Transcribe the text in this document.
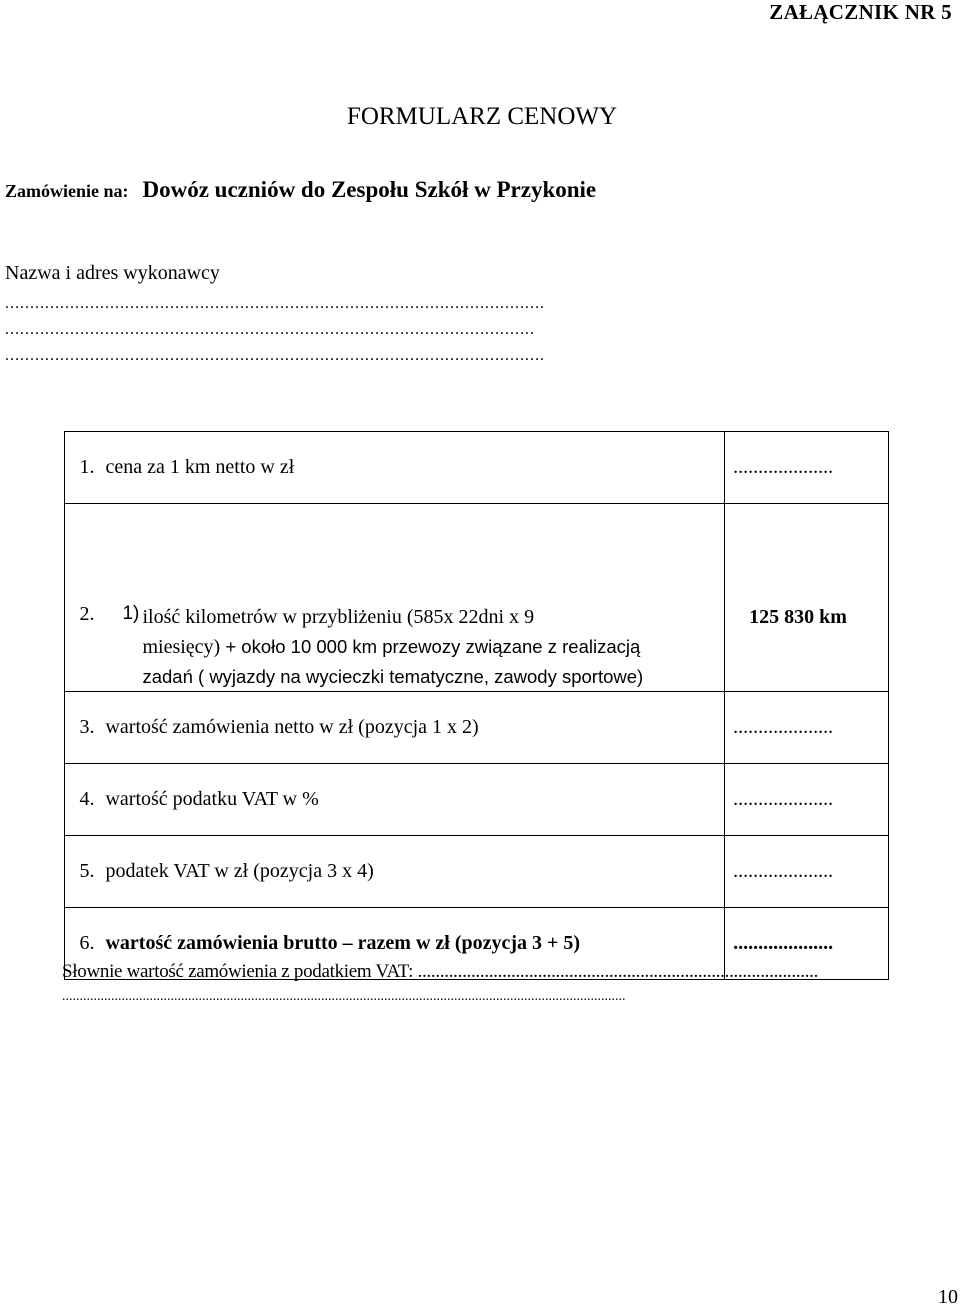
ZAŁĄCZNIK NR 5
FORMULARZ CENOWY
Zamówienie na: Dowóz uczniów do Zespołu Szkół w Przykonie
Nazwa i adres wykonawcy
............................................................................................................
..........................................................................................................
............................................................................................................
1.	cena za 1 km netto w zł	....................
2.	1) ilość kilometrów w przybliżeniu (585x 22dni x 9
miesięcy) + około 10 000 km przewozy związane z realizacją
zadań ( wyjazdy na wycieczki tematyczne, zawody sportowe)	125 830 km
3.	wartość zamówienia netto w zł (pozycja 1 x 2)	....................
4.	wartość podatku VAT w %	....................
5.	podatek VAT w zł (pozycja 3 x 4)	....................
6.	wartość zamówienia brutto – razem w zł (pozycja 3 + 5)	....................
Słownie wartość zamówienia z podatkiem VAT: ..........................................................................................
.................................................................................................................................................................
10
